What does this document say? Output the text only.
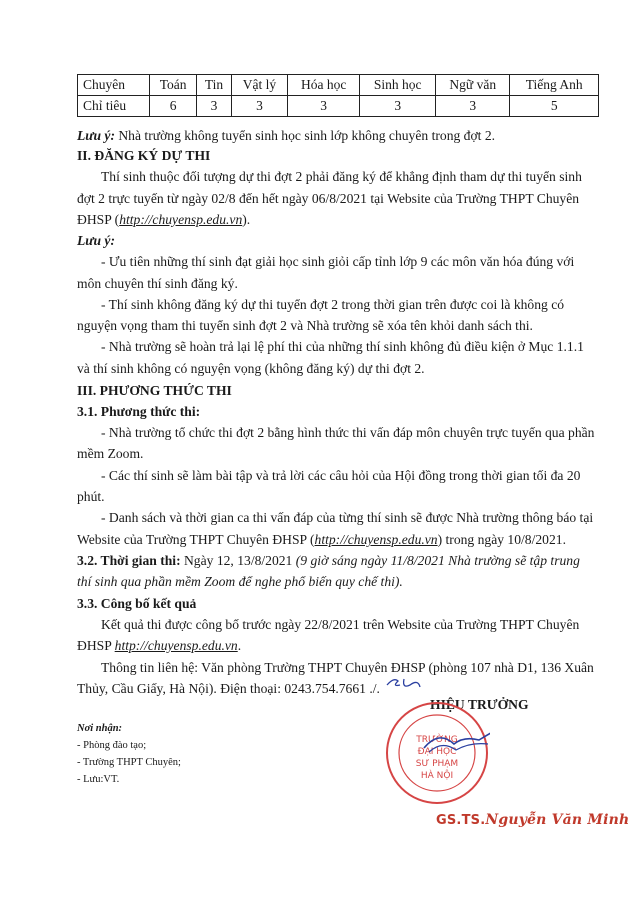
Chuyên	Toán	Tin	Vật lý	Hóa học	Sinh học	Ngữ văn	Tiếng Anh
Chỉ tiêu	6	3	3	3	3	3	5
Lưu ý: Nhà trường không tuyển sinh học sinh lớp không chuyên trong đợt 2.
II. ĐĂNG KÝ DỰ THI
Thí sinh thuộc đối tượng dự thi đợt 2 phải đăng ký để khẳng định tham dự thi tuyển sinh
đợt 2 trực tuyến từ ngày 02/8 đến hết ngày 06/8/2021 tại Website của Trường THPT Chuyên
ĐHSP (http://chuyensp.edu.vn).
Lưu ý:
- Ưu tiên những thí sinh đạt giải học sinh giỏi cấp tỉnh lớp 9 các môn văn hóa đúng với
môn chuyên thí sinh đăng ký.
- Thí sinh không đăng ký dự thi tuyển đợt 2 trong thời gian trên được coi là không có
nguyện vọng tham thi tuyển sinh đợt 2 và Nhà trường sẽ xóa tên khỏi danh sách thi.
- Nhà trường sẽ hoàn trả lại lệ phí thi của những thí sinh không đủ điều kiện ở Mục 1.1.1
và thí sinh không có nguyện vọng (không đăng ký) dự thi đợt 2.
III. PHƯƠNG THỨC THI
3.1. Phương thức thi:
- Nhà trường tổ chức thi đợt 2 bằng hình thức thi vấn đáp môn chuyên trực tuyến qua phần
mềm Zoom.
- Các thí sinh sẽ làm bài tập và trả lời các câu hỏi của Hội đồng trong thời gian tối đa 20
phút.
- Danh sách và thời gian ca thi vấn đáp của từng thí sinh sẽ được Nhà trường thông báo tại
Website của Trường THPT Chuyên ĐHSP (http://chuyensp.edu.vn) trong ngày 10/8/2021.
3.2. Thời gian thi: Ngày 12, 13/8/2021 (9 giờ sáng ngày 11/8/2021 Nhà trường sẽ tập trung
thí sinh qua phần mềm Zoom để nghe phổ biến quy chế thi).
3.3. Công bố kết quả
Kết quả thi được công bố trước ngày 22/8/2021 trên Website của Trường THPT Chuyên
ĐHSP http://chuyensp.edu.vn.
Thông tin liên hệ: Văn phòng Trường THPT Chuyên ĐHSP (phòng 107 nhà D1, 136 Xuân
Thủy, Cầu Giấy, Hà Nội). Điện thoại: 0243.754.7661 ./.
HIỆU TRƯỞNG
TRƯỜNG
ĐẠI HỌC
SƯ PHẠM
HÀ NỘI
GS.TS.Nguyễn Văn Minh
Nơi nhận:
- Phòng đào tạo;
- Trường THPT Chuyên;
- Lưu:VT.
